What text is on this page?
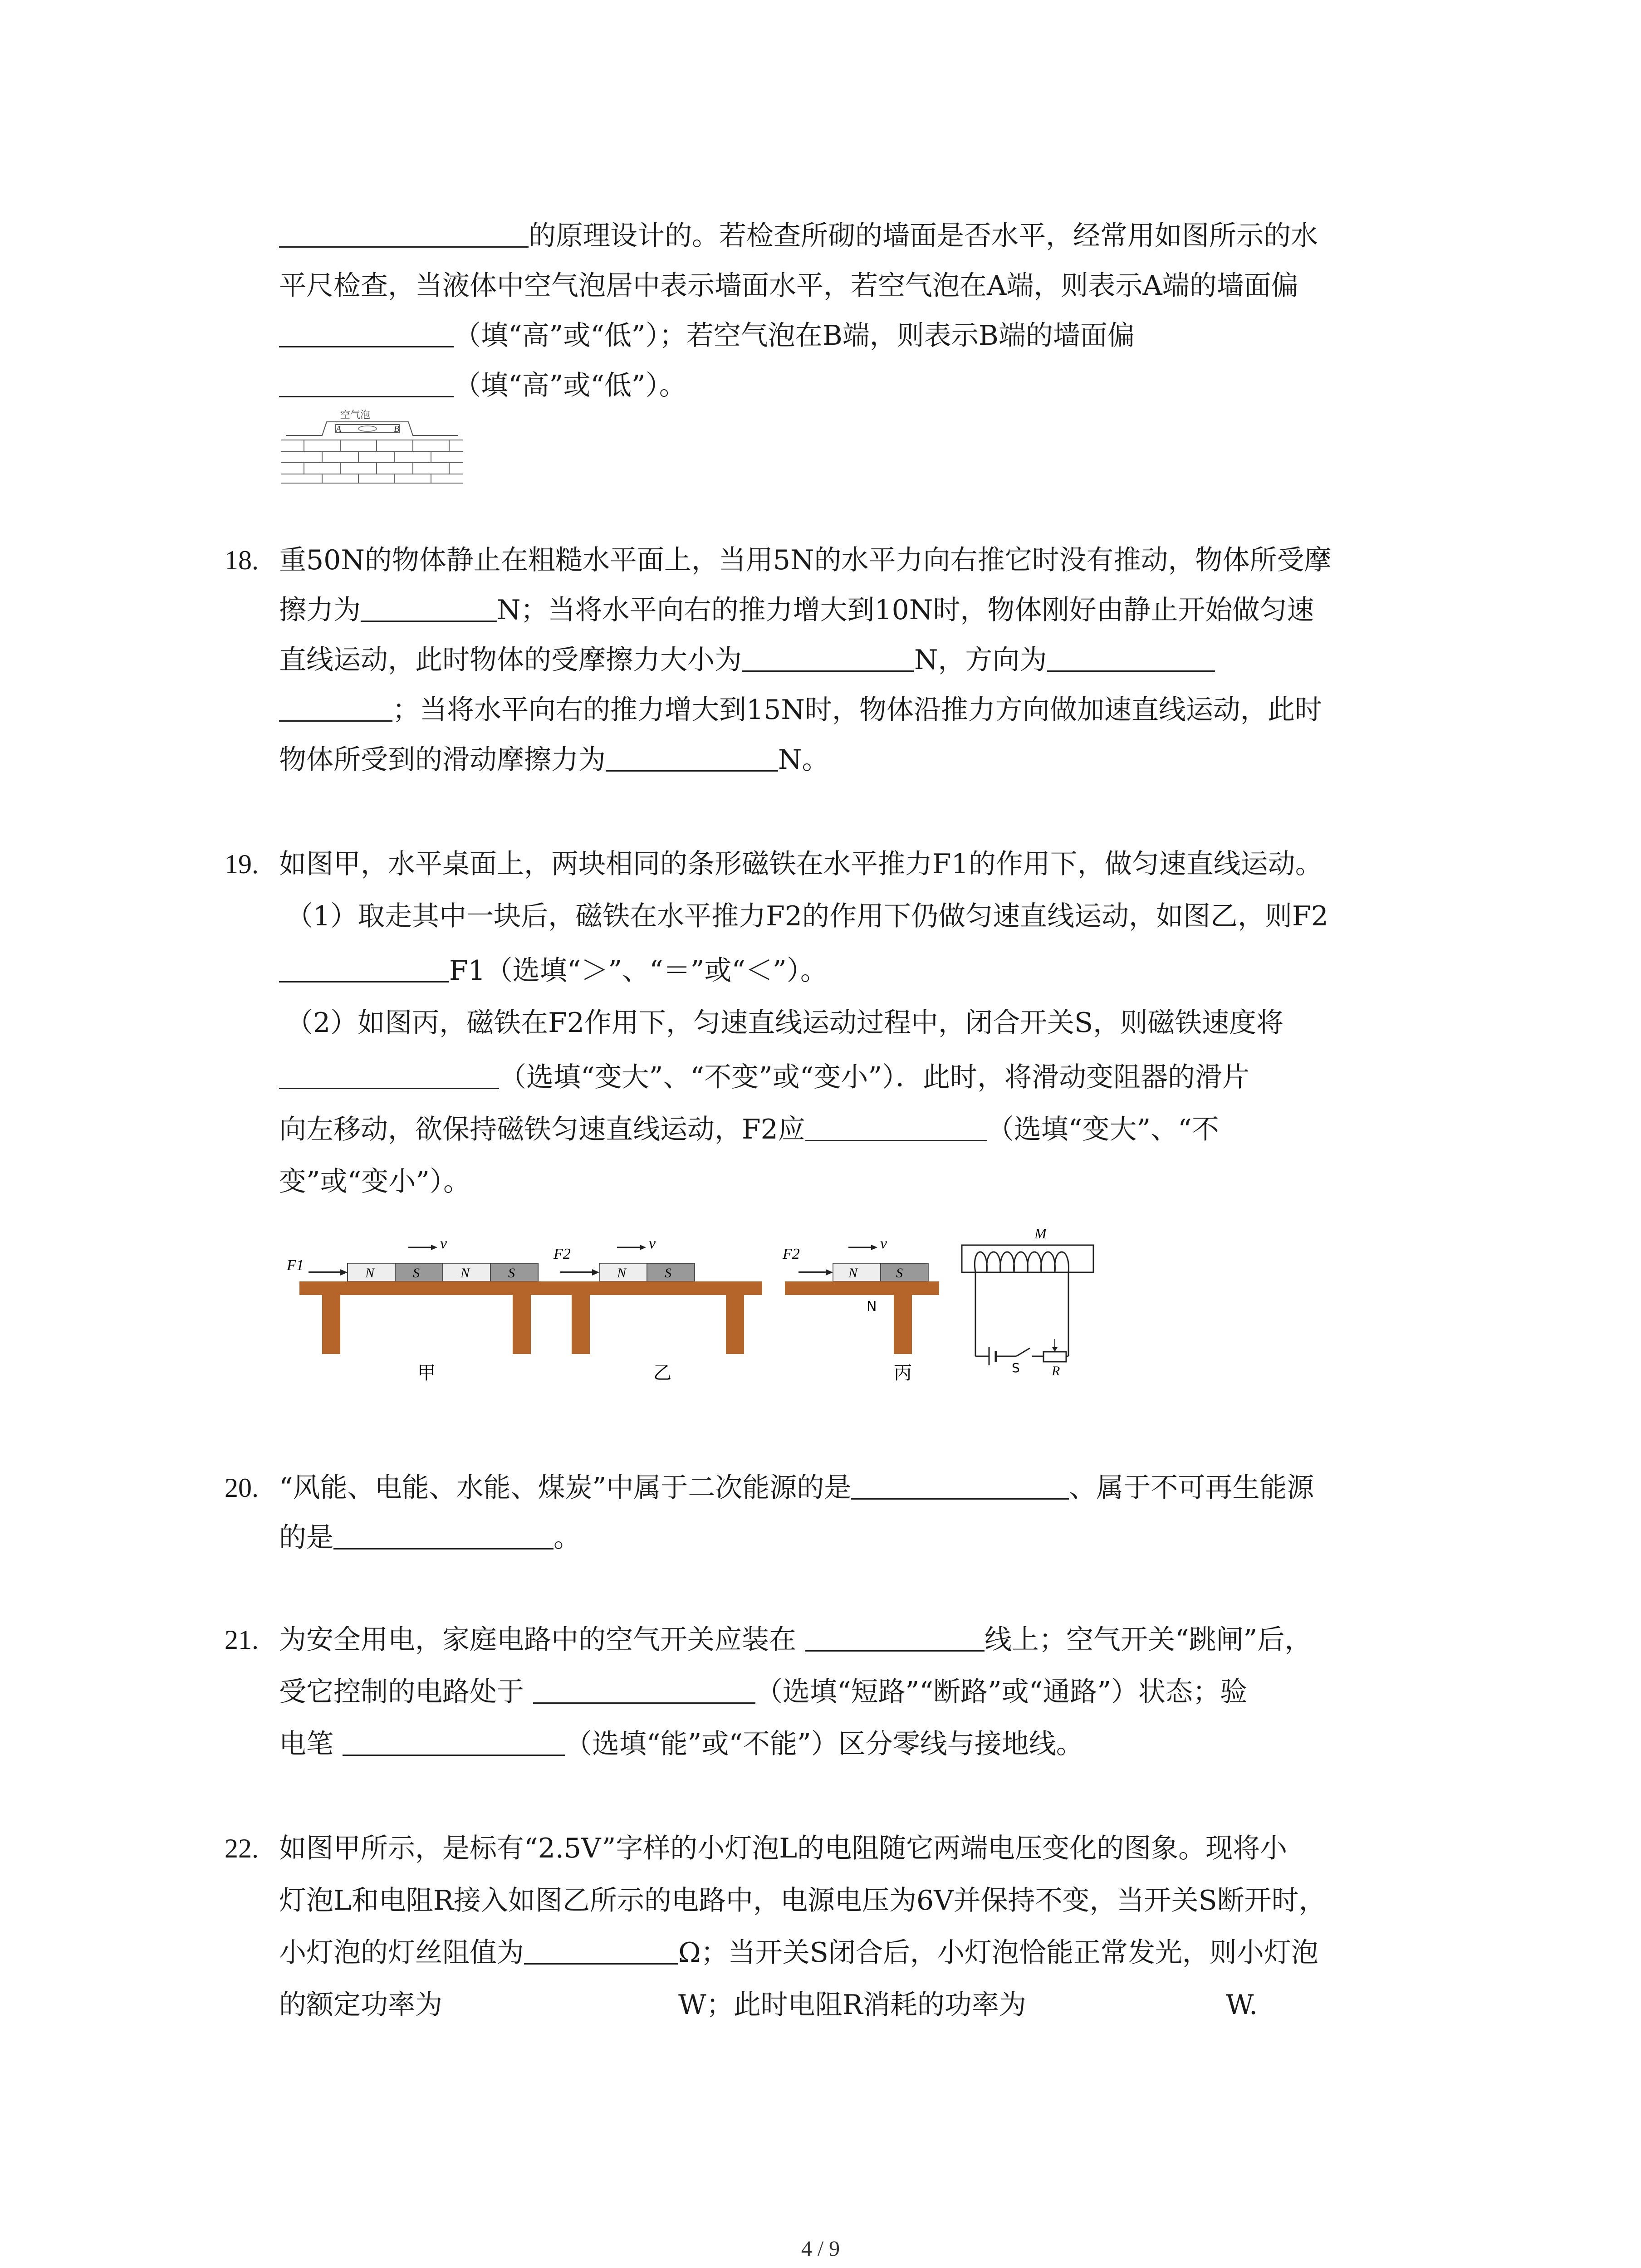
的原理设计的。若检查所砌的墙面是否水平，经常用如图所示的水
平尺检查，当液体中空气泡居中表示墙面水平，若空气泡在A端，则表示A端的墙面偏
（填“高”或“低”）；若空气泡在B端，则表示B端的墙面偏
（填“高”或“低”）。
空气泡
A	B
18. 重50N的物体静止在粗糙水平面上，当用5N的水平力向右推它时没有推动，物体所受摩
擦力为	N；当将水平向右的推力增大到10N时，物体刚好由静止开始做匀速
直线运动，此时物体的受摩擦力大小为	N，方向为
；当将水平向右的推力增大到15N时，物体沿推力方向做加速直线运动，此时
物体所受到的滑动摩擦力为	N。
19. 如图甲，水平桌面上，两块相同的条形磁铁在水平推力F1的作用下，做匀速直线运动。
（1）取走其中一块后，磁铁在水平推力F2的作用下仍做匀速直线运动，如图乙，则F2
F1（选填“＞”、“＝”或“＜”）。
（2）如图丙，磁铁在F2作用下，匀速直线运动过程中，闭合开关S，则磁铁速度将
（选填“变大”、“不变”或“变小”）．此时，将滑动变阻器的滑片
向左移动，欲保持磁铁匀速直线运动，F2应	（选填“变大”、“不
变”或“变小”）。
F1
v
N	S	N	S
甲
F2
v
N	S
乙
F2
v
N	S
N
丙
M
S R
20. “风能、电能、水能、煤炭”中属于二次能源的是	、属于不可再生能源
的是	。
21. 为安全用电，家庭电路中的空气开关应装在	线上；空气开关“跳闸”后，
受它控制的电路处于	（选填“短路”“断路”或“通路”）状态；验
电笔	（选填“能”或“不能”）区分零线与接地线。
22. 如图甲所示，是标有“2.5V”字样的小灯泡L的电阻随它两端电压变化的图象。现将小
灯泡L和电阻R接入如图乙所示的电路中，电源电压为6V并保持不变，当开关S断开时，
小灯泡的灯丝阻值为	Ω；当开关S闭合后，小灯泡恰能正常发光，则小灯泡
的额定功率为	W；此时电阻R消耗的功率为	W.
4 / 9
